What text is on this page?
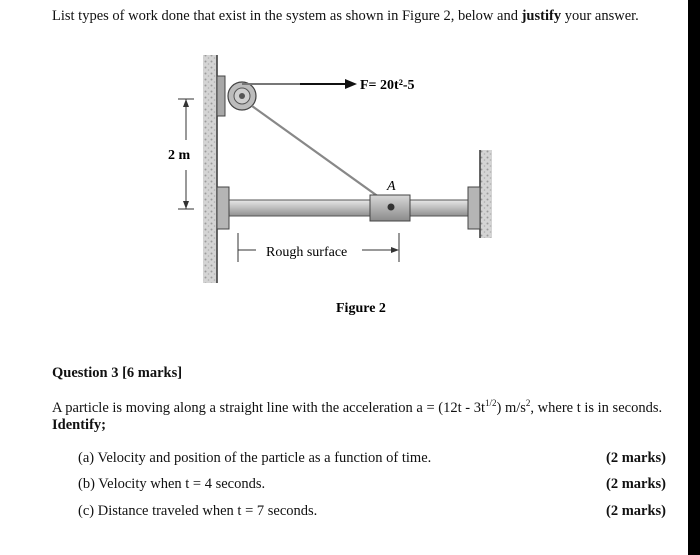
List types of work done that exist in the system as shown in Figure 2, below and justify your answer.
F= 20t²-5
A
2 m
Rough surface
Figure 2
Question 3 [6 marks]
A particle is moving along a straight line with the acceleration $a = (12t - 3t^{1/2})$ $m/s^2$, where t is in seconds.
Identify;
(a) Velocity and position of the particle as a function of time.	(2 marks)
(b) Velocity when t = 4 seconds.	(2 marks)
(c) Distance traveled when t = 7 seconds.	(2 marks)
